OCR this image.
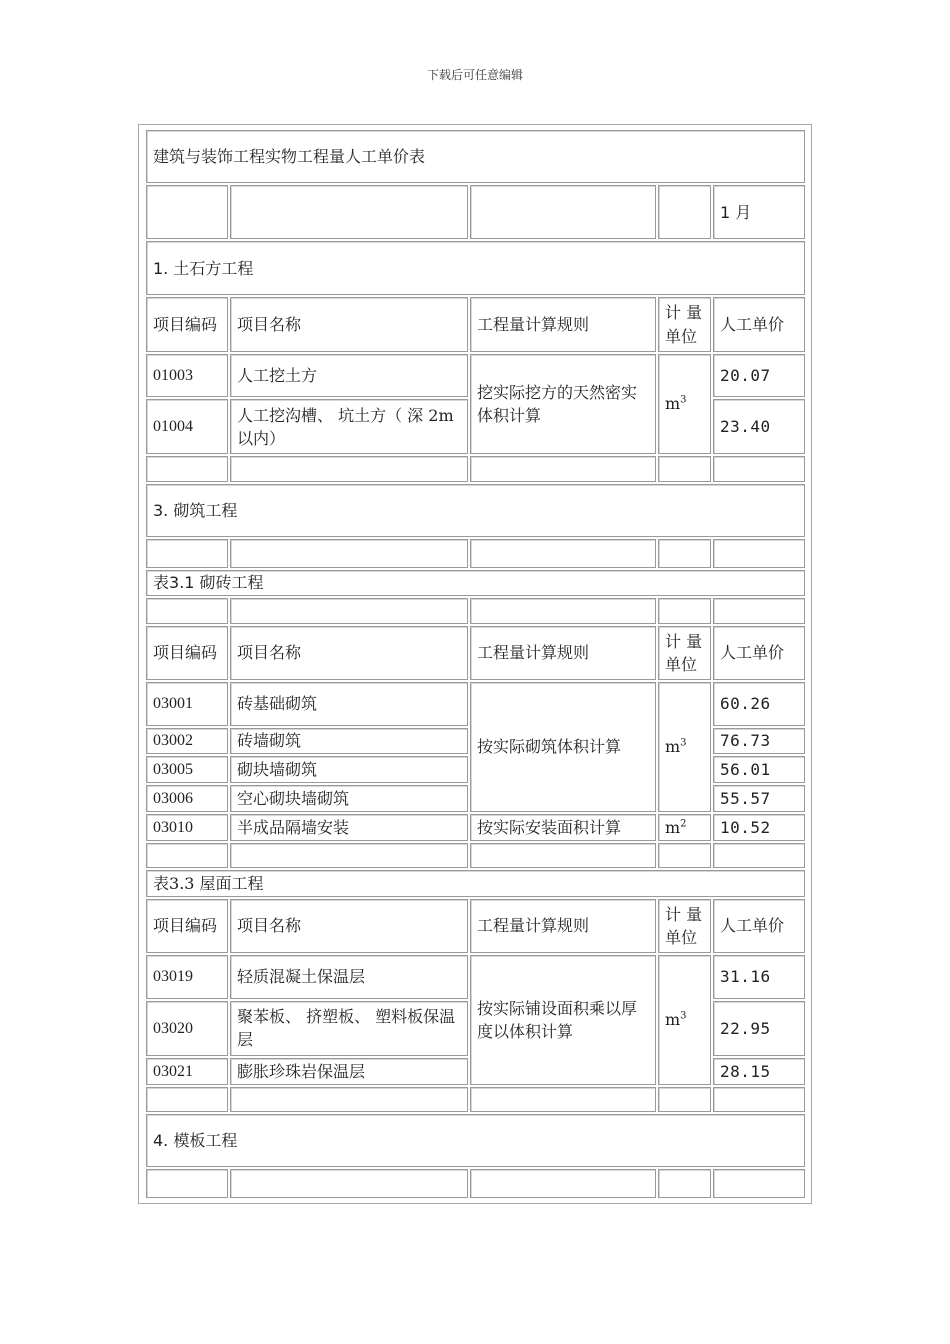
下载后可任意编辑
建筑与装饰工程实物工程量人工单价表				
				1 月
1. 土石方工程				
项目编码	项目名称	工程量计算规则	计 量 单位	人工单价
01003	人工挖土方	挖实际挖方的天然密实体积计算	$m^3$	20.07
01004	人工挖沟槽、 坑土方（ 深 2m 以内）			23.40

3. 砌筑工程				

表3.1 砌砖工程				

项目编码	项目名称	工程量计算规则	计 量 单位	人工单价
03001	砖基础砌筑	按实际砌筑体积计算	$m^3$	60.26
03002	砖墙砌筑			76.73
03005	砌块墙砌筑			56.01
03006	空心砌块墙砌筑			55.57
03010	半成品隔墙安装	按实际安装面积计算	$m^2$	10.52

表3.3 屋面工程				
项目编码	项目名称	工程量计算规则	计 量 单位	人工单价
03019	轻质混凝土保温层	按实际铺设面积乘以厚度以体积计算	$m^3$	31.16
03020	聚苯板、 挤塑板、 塑料板保温层			22.95
03021	膨胀珍珠岩保温层			28.15

4. 模板工程				
